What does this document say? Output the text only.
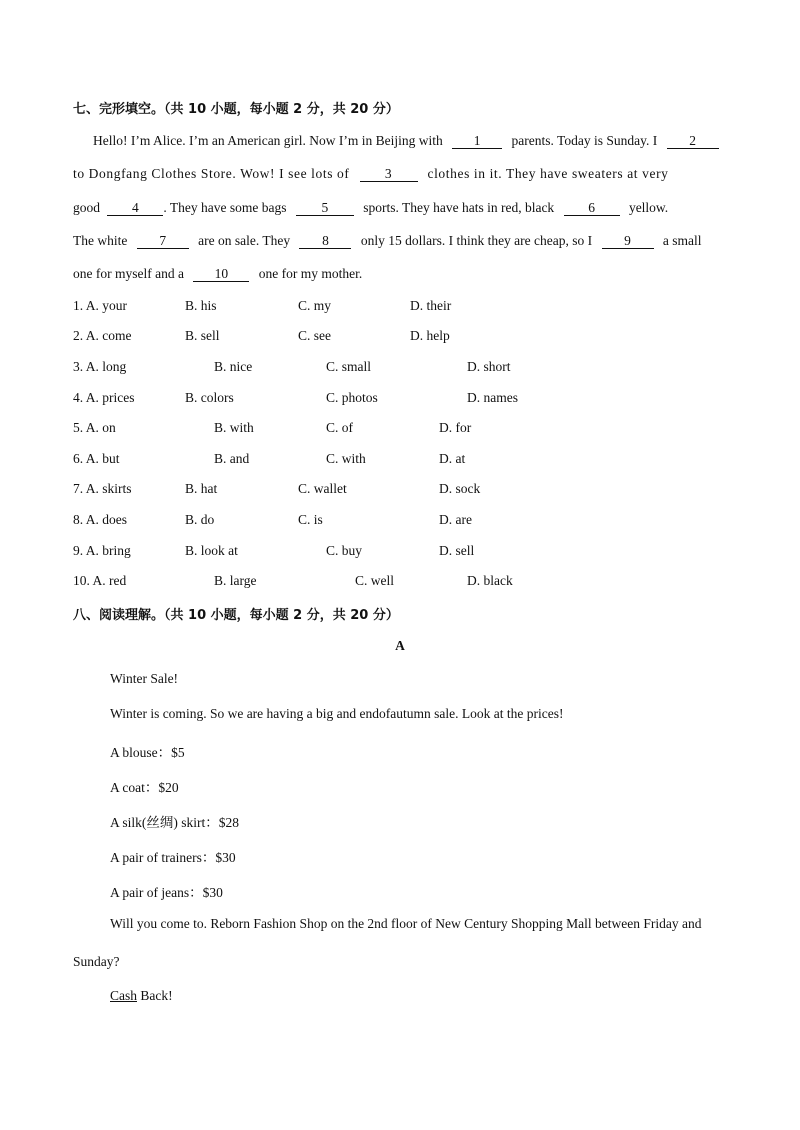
七、完形填空。（共 10 小题，每小题 2 分，共 20 分）
Hello! I’m Alice. I’m an American girl. Now I’m in Beijing with 1 parents. Today is Sunday. I 2
to Dongfang Clothes Store. Wow! I see lots of	3	clothes in it. They have sweaters at very
good 4 . They have some bags	5	sports. They have hats in red, black	6	yellow.
The white 7 are on sale. They 8 only 15 dollars. I think they are cheap, so I 9 a small
one for myself and a 10 one for my mother.
1. A. your	B. his	C. my	D. their
2. A. come	B. sell	C. see	D. help
3. A. long	B. nice	C. small	D. short
4. A. prices	B. colors	C. photos	D. names
5. A. on	B. with	C. of	D. for
6. A. but	B. and	C. with	D. at
7. A. skirts	B. hat	C. wallet	D. sock
8. A. does	B. do	C. is	D. are
9. A. bring	B. look at	C. buy	D. sell
10. A. red	B. large	C. well	D. black
八、阅读理解。（共 10 小题，每小题 2 分，共 20 分）
A
Winter Sale!
Winter is coming. So we are having a big and endofautumn sale. Look at the prices!
A blouse：$5
A coat：$20
A silk(丝绸) skirt：$28
A pair of trainers：$30
A pair of jeans：$30
Will you come to. Reborn Fashion Shop on the 2nd floor of New Century Shopping Mall between Friday and
Sunday?
Cash Back!
